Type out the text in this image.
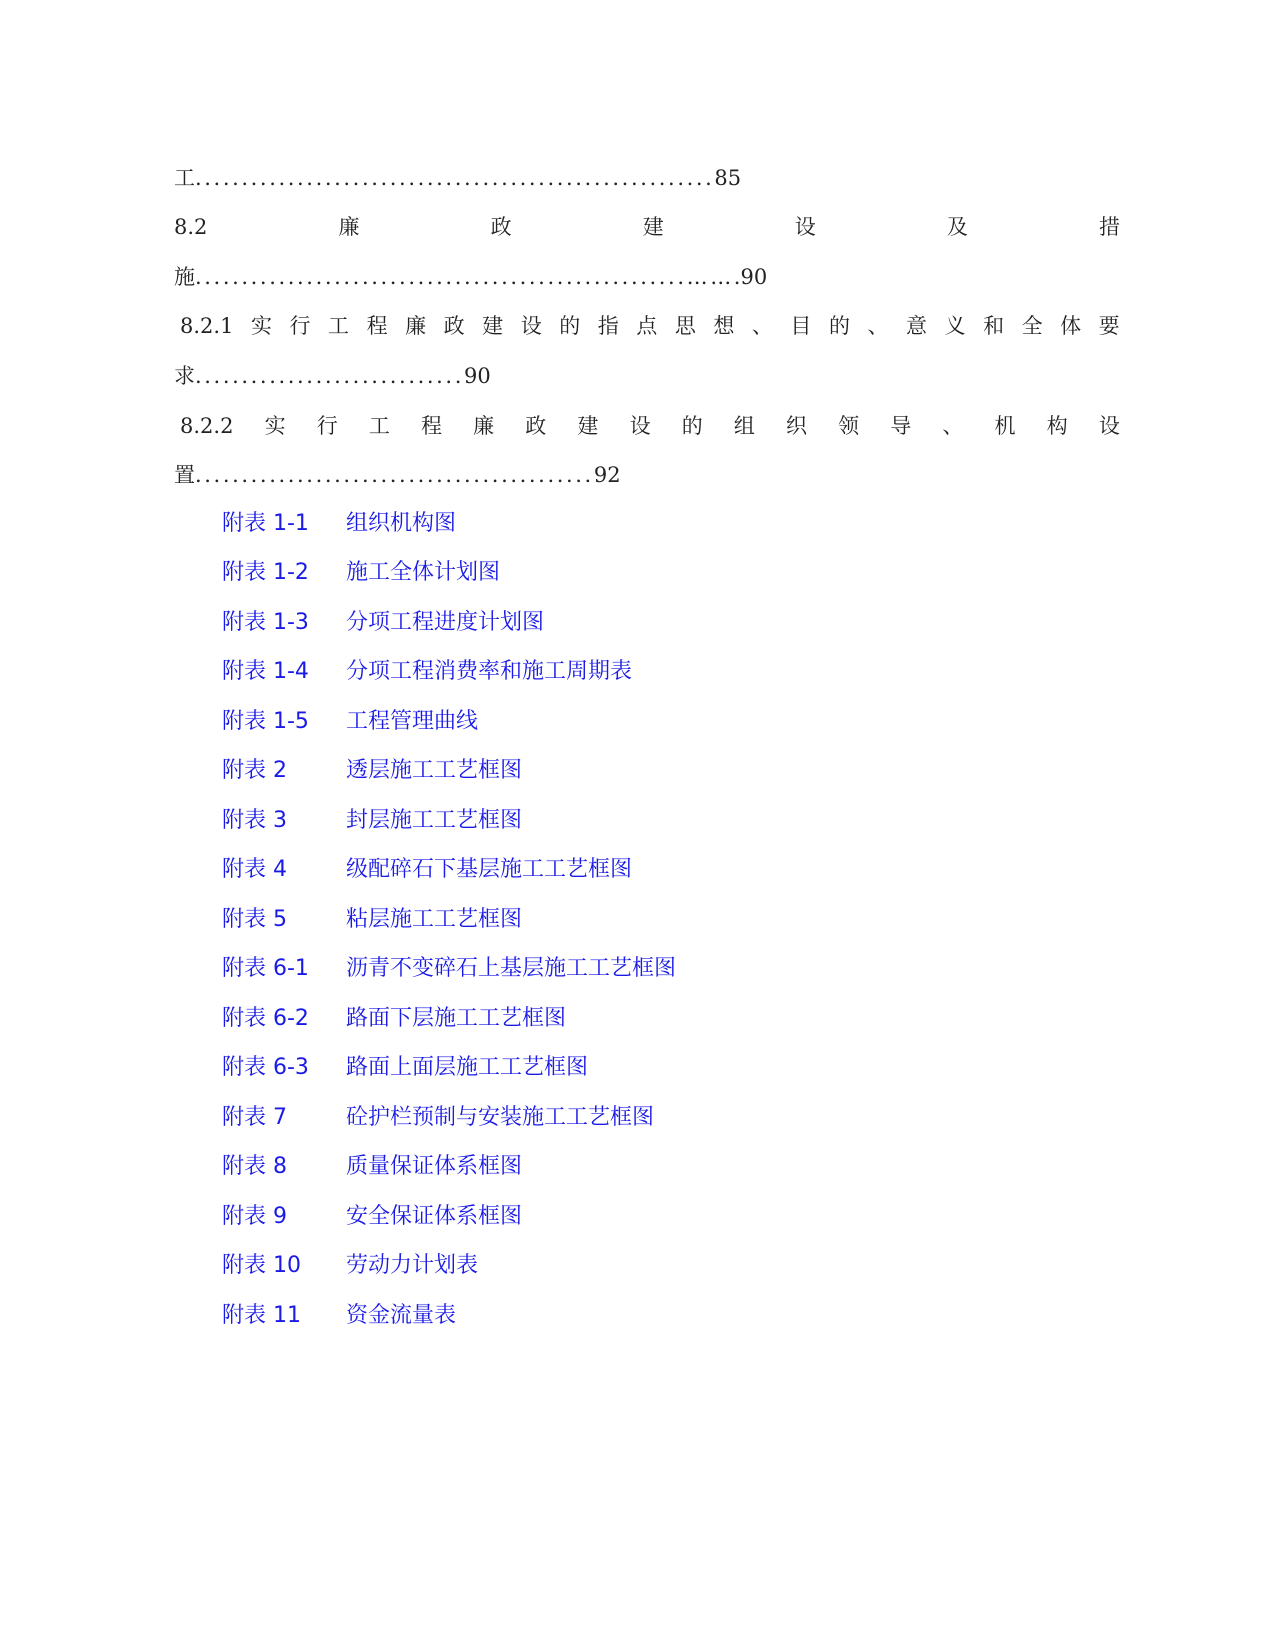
工........................................................85
8.2	廉	政	建	设	及	措
施.....................................................…….90
8.2.1 实 行 工 程 廉 政 建 设 的 指 点 思 想 、 目 的 、 意 义 和 全 体 要
求.............................90
8.2.2 实 行 工 程 廉 政 建 设 的 组 织 领 导 、 机 构 设
置...........................................92
附表 1-1 组织机构图
附表 1-2 施工全体计划图
附表 1-3 分项工程进度计划图
附表 1-4 分项工程消费率和施工周期表
附表 1-5 工程管理曲线
附表 2	透层施工工艺框图
附表 3	封层施工工艺框图
附表 4	级配碎石下基层施工工艺框图
附表 5	粘层施工工艺框图
附表 6-1 沥青不变碎石上基层施工工艺框图
附表 6-2 路面下层施工工艺框图
附表 6-3 路面上面层施工工艺框图
附表 7	砼护栏预制与安装施工工艺框图
附表 8	质量保证体系框图
附表 9	安全保证体系框图
附表 10 劳动力计划表
附表 11 资金流量表
